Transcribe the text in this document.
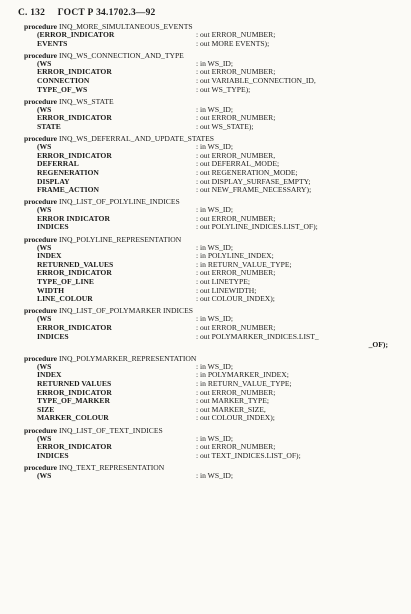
С. 132 ГОСТ Р 34.1702.3—92
procedure INQ_MORE_SIMULTANEOUS_EVENTS
(ERROR_INDICATOR	: out ERROR_NUMBER;
EVENTS	: out MORE EVENTS);
procedure INQ_WS_CONNECTION_AND_TYPE
(WS	: in WS_ID;
ERROR_INDICATOR	: out ERROR_NUMBER;
CONNECTION	: out VARIABLE_CONNECTION_ID,
TYPE_OF_WS	: out WS_TYPE);
procedure INQ_WS_STATE
(WS	: in WS_ID;
ERROR_INDICATOR	: out ERROR_NUMBER;
STATE	: out WS_STATE);
procedure INQ_WS_DEFERRAL_AND_UPDATE_STATES
(WS	: in WS_ID;
ERROR_INDICATOR	: out ERROR_NUMBER,
DEFERRAL	: out DEFERRAL_MODE;
REGENERATION	: out REGENERATION_MODE;
DISPLAY	: out DISPLAY_SURFASE_EMPTY;
FRAME_ACTION	: out NEW_FRAME_NECESSARY);
procedure INQ_LIST_OF_POLYLINE_INDICES
(WS	: in WS_ID;
ERROR INDICATOR	: out ERROR_NUMBER;
INDICES	: out POLYLINE_INDICES.LIST_OF);
procedure INQ_POLYLINE_REPRESENTATION
(WS	: in WS_ID;
INDEX	: in POLYLINE_INDEX;
RETURNED_VALUES	: in RETURN_VALUE_TYPE;
ERROR_INDICATOR	: out ERROR_NUMBER;
TYPE_OF_LINE	: out LINETYPE;
WIDTH	: out LINEWIDTH;
LINE_COLOUR	: out COLOUR_INDEX);
procedure INQ_LIST_OF_POLYMARKER INDICES
(WS	: in WS_ID;
ERROR_INDICATOR	: out ERROR_NUMBER;
INDICES	: out POLYMARKER_INDICES.LIST_
_OF);
procedure INQ_POLYMARKER_REPRESENTATION
(WS	: in WS_ID;
INDEX	: in POLYMARKER_INDEX;
RETURNED VALUES	: in RETURN_VALUE_TYPE;
ERROR_INDICATOR	: out ERROR_NUMBER;
TYPE_OF_MARKER	: out MARKER_TYPE;
SIZE	: out MARKER_SIZE,
MARKER_COLOUR	: out COLOUR_INDEX);
procedure INQ_LIST_OF_TEXT_INDICES
(WS	: in WS_ID;
ERROR_INDICATOR	: out ERROR_NUMBER;
INDICES	: out TEXT_INDICES.LIST_OF);
procedure INQ_TEXT_REPRESENTATION
(WS	: in WS_ID;
